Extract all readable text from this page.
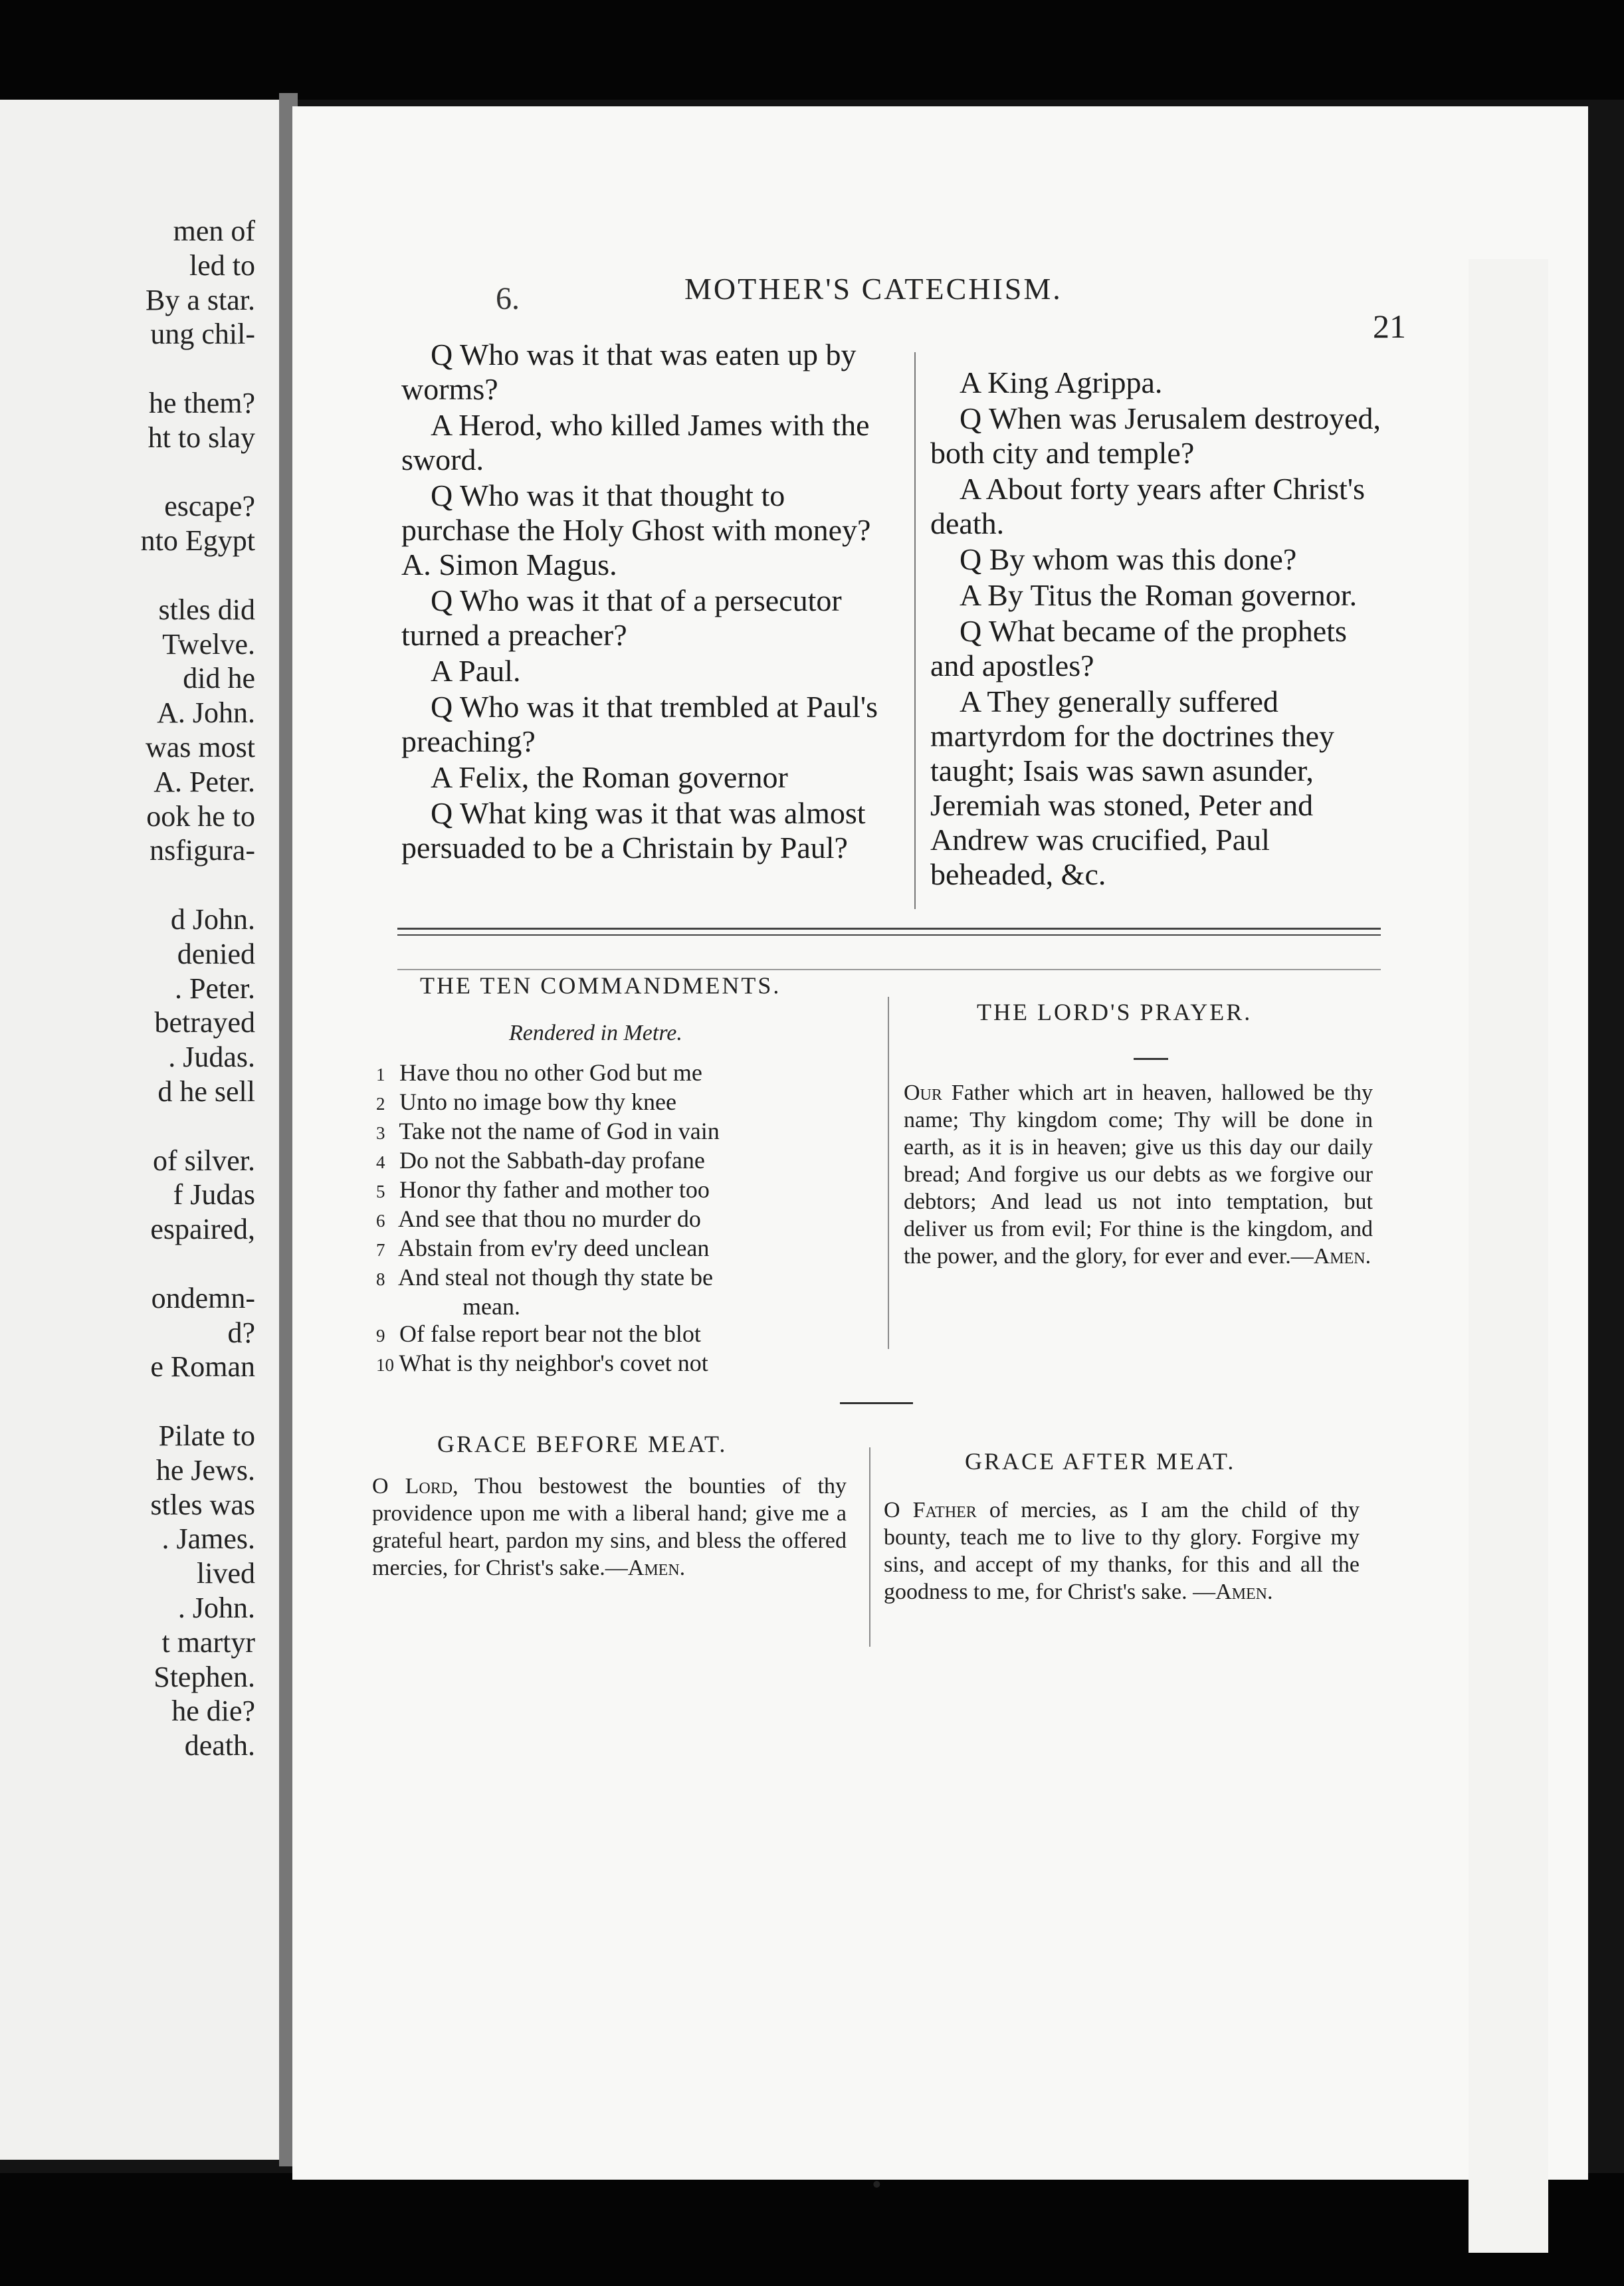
men of
led to
By a star.
ung chil-
he them?
ht to slay
escape?
nto Egypt
stles did
Twelve.
did he
A. John.
was most
A. Peter.
ook he to
nsfigura-
d John.
denied
. Peter.
betrayed
. Judas.
d he sell
of silver.
f Judas
espaired,
ondemn-
d?
e Roman
Pilate to
he Jews.
stles was
. James.
lived
. John.
t martyr
Stephen.
he die?
death.
6.	MOTHER'S CATECHISM.
21

Q Who was it that was eaten up by worms?

A Herod, who killed James with the sword.

Q Who was it that thought to purchase the Holy Ghost with money? A. Simon Magus.

Q Who was it that of a persecutor turned a preacher?

A Paul.

Q Who was it that trembled at Paul's preaching?

A Felix, the Roman governor

Q What king was it that was almost persuaded to be a Christain by Paul?

A King Agrippa.

Q When was Jerusalem destroyed, both city and temple?

A About forty years after Christ's death.

Q By whom was this done?

A By Titus the Roman governor.

Q What became of the prophets and apostles?

A They generally suffered martyrdom for the doctrines they taught; Isais was sawn asunder, Jeremiah was stoned, Peter and Andrew was crucified, Paul beheaded, &c.

THE TEN COMMANDMENTS.
Rendered in Metre.
1 Have thou no other God but me
2 Unto no image bow thy knee
3 Take not the name of God in vain
4 Do not the Sabbath-day profane
5 Honor thy father and mother too
6 And see that thou no murder do
7 Abstain from ev'ry deed unclean
8 And steal not though thy state be
mean.
9 Of false report bear not the blot
10 What is thy neighbor's covet not
THE LORD'S PRAYER.
Our Father which art in heaven, hallowed be thy name; Thy kingdom come; Thy will be done in earth, as it is in heaven; give us this day our daily bread; And forgive us our debts as we forgive our debtors; And lead us not into temptation, but deliver us from evil; For thine is the kingdom, and the power, and the glory, for ever and ever.—Amen.
GRACE BEFORE MEAT.
O Lord, Thou bestowest the bounties of thy providence upon me with a liberal hand; give me a grateful heart, pardon my sins, and bless the offered mercies, for Christ's sake.—Amen.
GRACE AFTER MEAT.
O Father of mercies, as I am the child of thy bounty, teach me to live to thy glory. Forgive my sins, and accept of my thanks, for this and all the goodness to me, for Christ's sake. —Amen.
•
